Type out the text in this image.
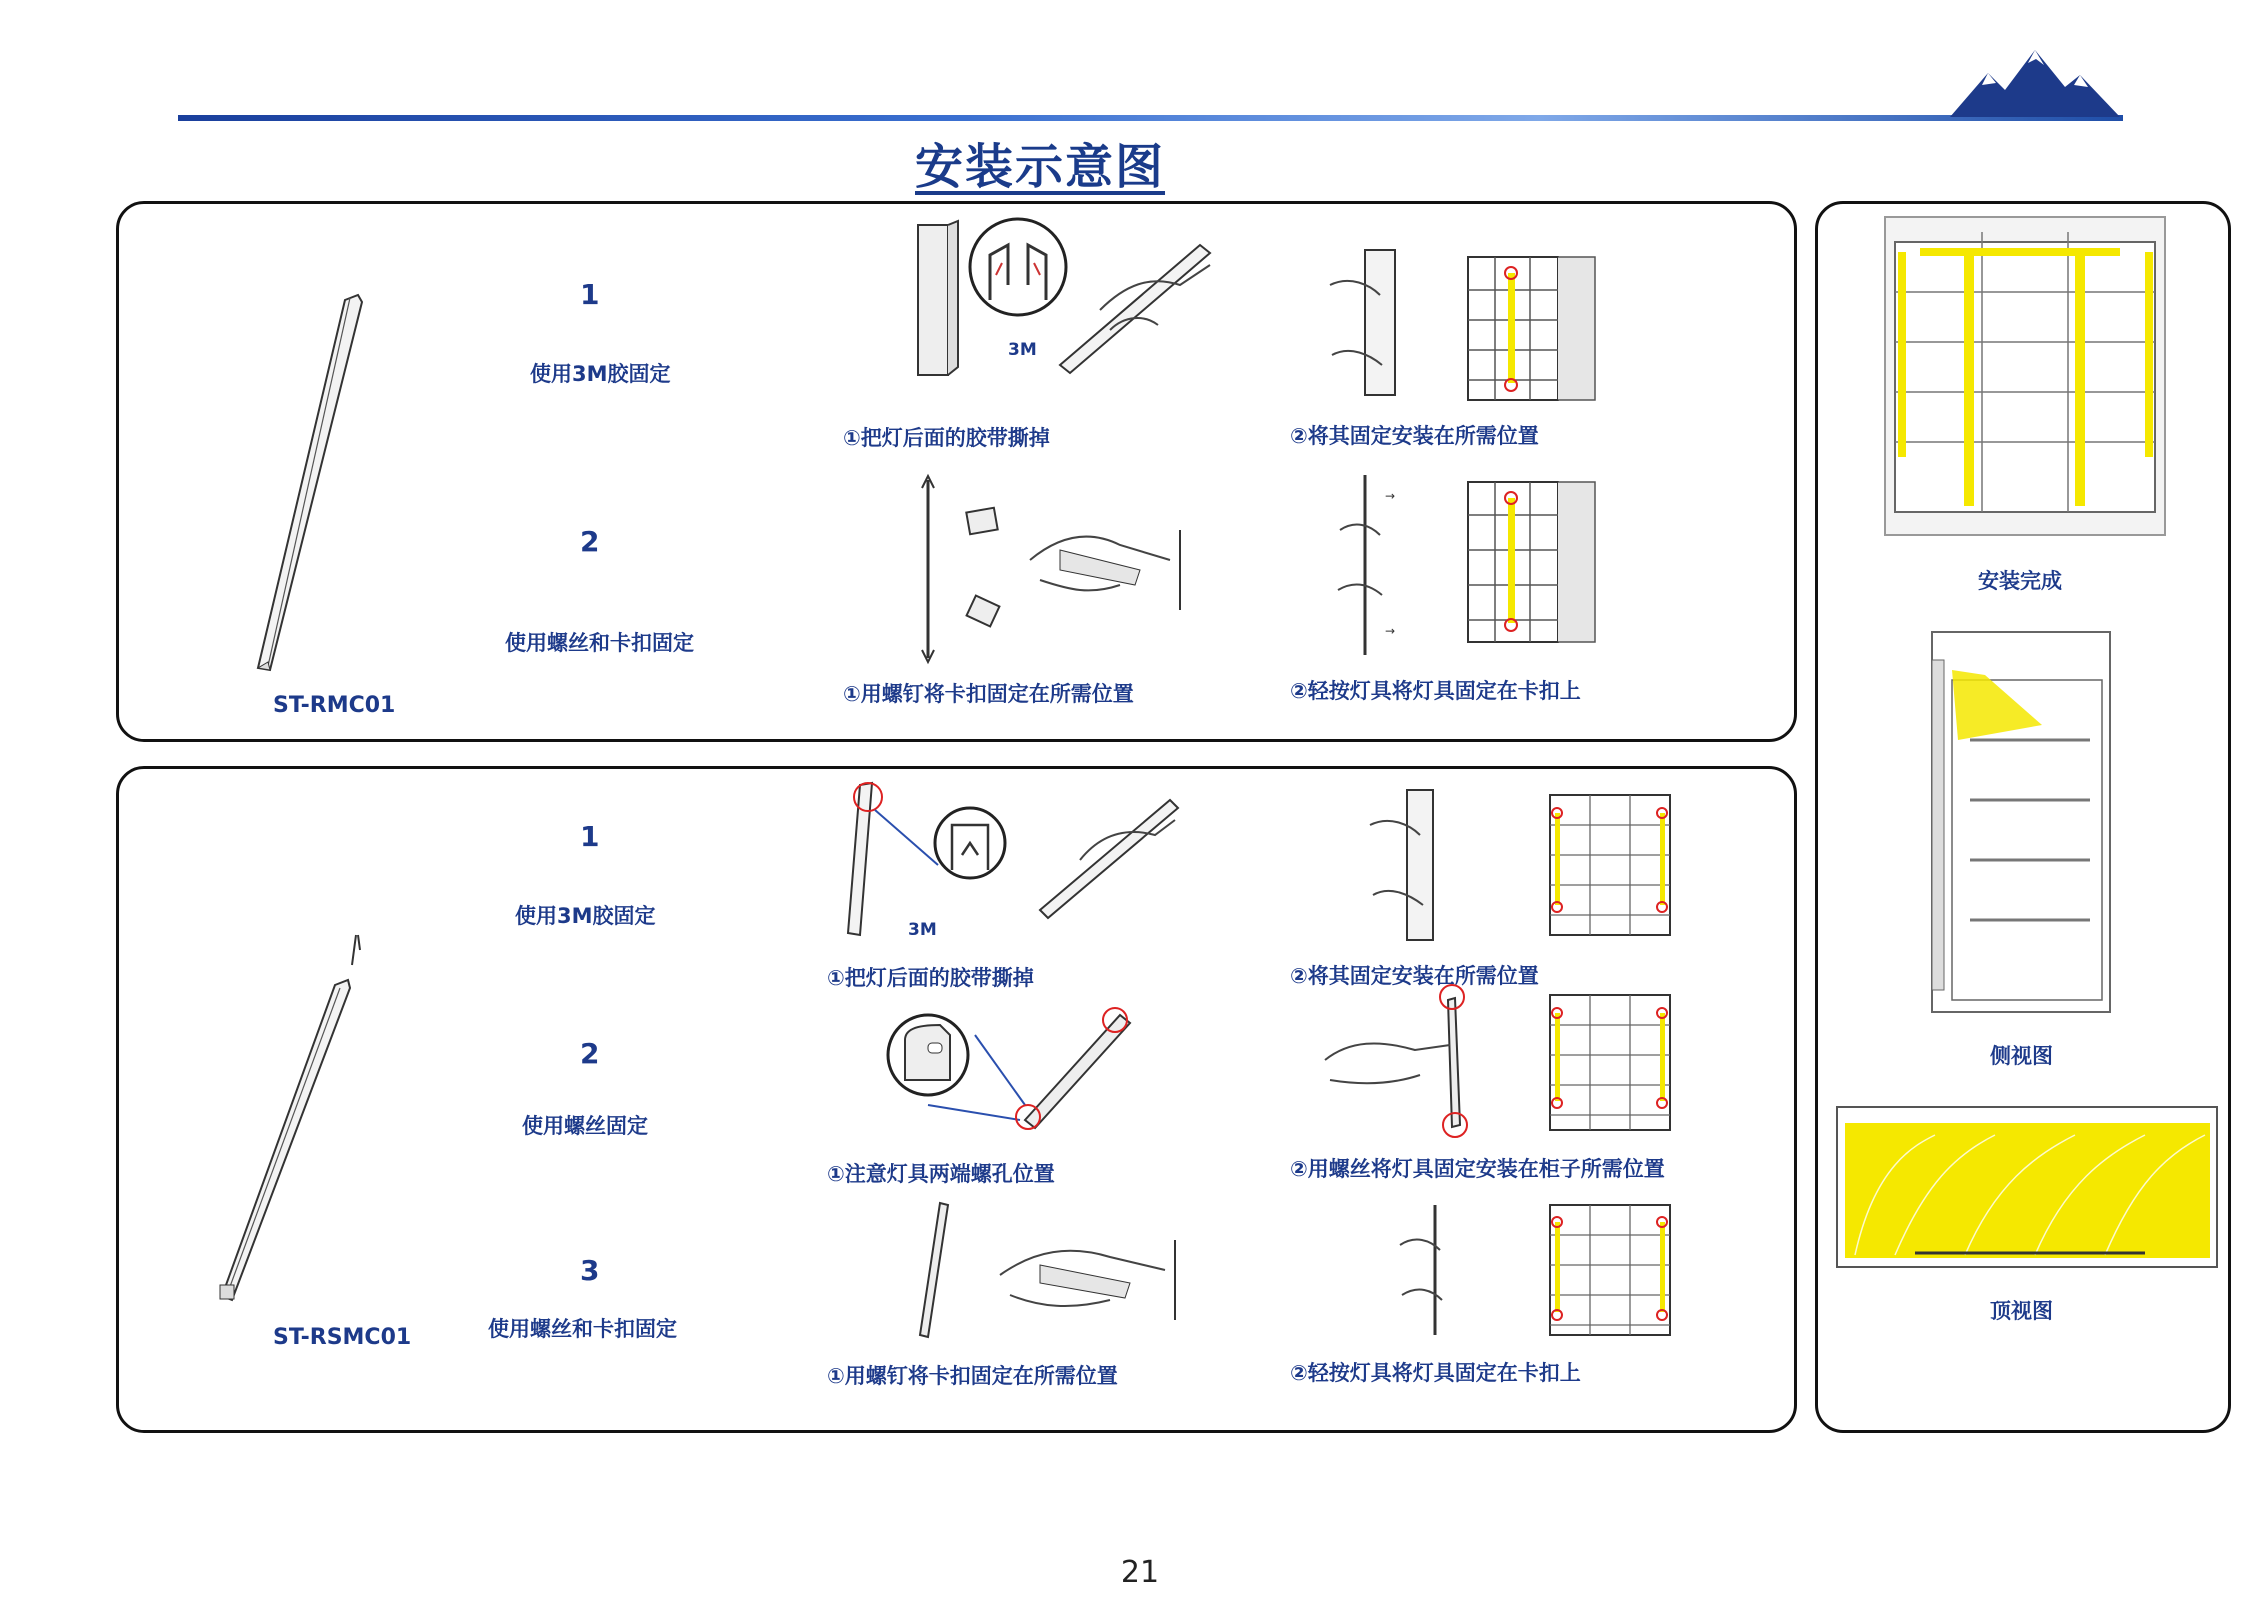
安装示意图
ST-RMC01
1
使用3M胶固定
2
使用螺丝和卡扣固定
3M
①把灯后面的胶带撕掉	②将其固定安装在所需位置
①用螺钉将卡扣固定在所需位置
→
→
②轻按灯具将灯具固定在卡扣上
ST-RSMC01
1
使用3M胶固定
2
使用螺丝固定
3
使用螺丝和卡扣固定
3M
①把灯后面的胶带撕掉	②将其固定安装在所需位置
①注意灯具两端螺孔位置	②用螺丝将灯具固定安装在柜子所需位置
①用螺钉将卡扣固定在所需位置	②轻按灯具将灯具固定在卡扣上
安装完成
侧视图
顶视图
21
